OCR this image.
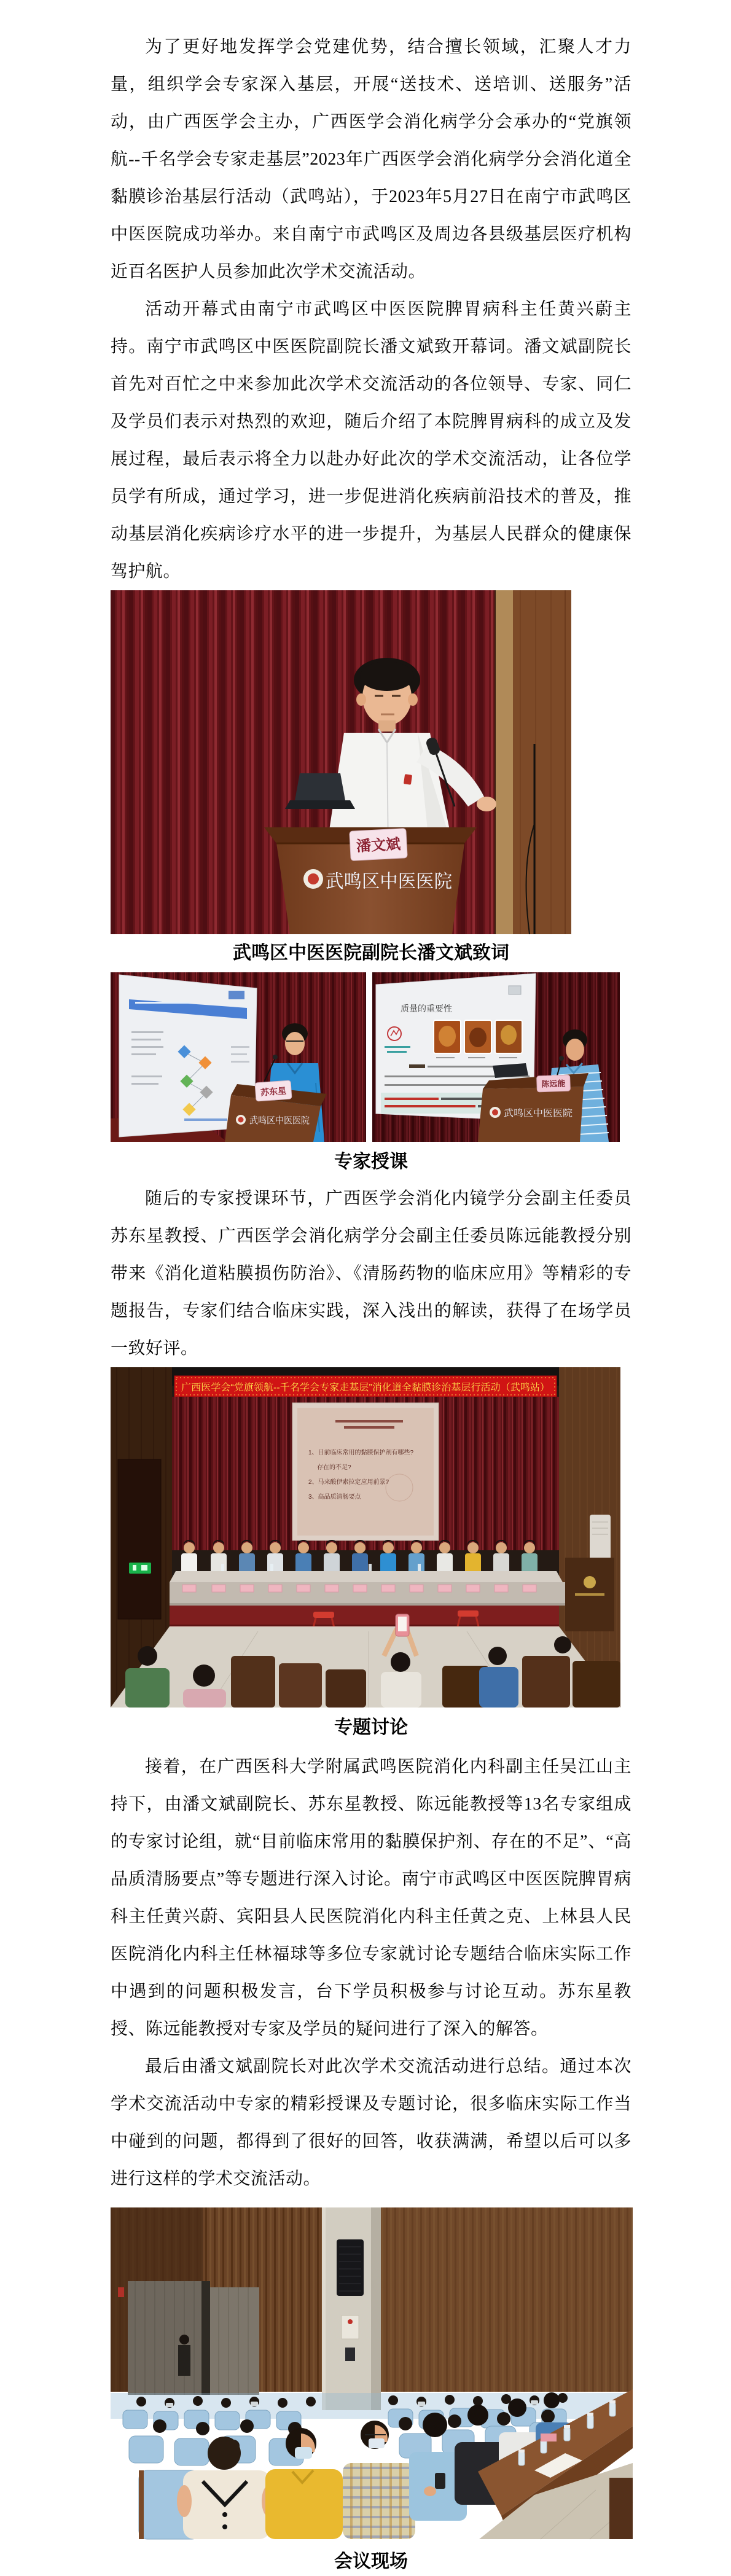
为了更好地发挥学会党建优势，结合擅长领域，汇聚人才力量，组织学会专家深入基层，开展“送技术、送培训、送服务”活动，由广西医学会主办，广西医学会消化病学分会承办的“党旗领航--千名学会专家走基层”2023年广西医学会消化病学分会消化道全黏膜诊治基层行活动（武鸣站），于2023年5月27日在南宁市武鸣区中医医院成功举办。来自南宁市武鸣区及周边各县级基层医疗机构近百名医护人员参加此次学术交流活动。

活动开幕式由南宁市武鸣区中医医院脾胃病科主任黄兴蔚主持。南宁市武鸣区中医医院副院长潘文斌致开幕词。潘文斌副院长首先对百忙之中来参加此次学术交流活动的各位领导、专家、同仁及学员们表示对热烈的欢迎，随后介绍了本院脾胃病科的成立及发展过程，最后表示将全力以赴办好此次的学术交流活动，让各位学员学有所成，通过学习，进一步促进消化疾病前沿技术的普及，推动基层消化疾病诊疗水平的进一步提升，为基层人民群众的健康保驾护航。

武鸣区中医医院
潘文斌
武鸣区中医医院副院长潘文斌致词
武鸣区中医医院
苏东星
质量的重要性
武鸣区中医医院
陈远能
专家授课

随后的专家授课环节，广西医学会消化内镜学分会副主任委员苏东星教授、广西医学会消化病学分会副主任委员陈远能教授分别带来《消化道粘膜损伤防治》、《清肠药物的临床应用》等精彩的专题报告，专家们结合临床实践，深入浅出的解读，获得了在场学员一致好评。

广西医学会“党旗领航--千名学会专家走基层”消化道全黏膜诊治基层行活动（武鸣站）
1、目前临床常用的黏膜保护剂有哪些?
存在的不足?
2、马来酸伊索拉定应用前景?
3、高品质清肠要点
专题讨论

接着，在广西医科大学附属武鸣医院消化内科副主任吴江山主持下，由潘文斌副院长、苏东星教授、陈远能教授等13名专家组成的专家讨论组，就“目前临床常用的黏膜保护剂、存在的不足”、“高品质清肠要点”等专题进行深入讨论。南宁市武鸣区中医医院脾胃病科主任黄兴蔚、宾阳县人民医院消化内科主任黄之克、上林县人民医院消化内科主任林福球等多位专家就讨论专题结合临床实际工作中遇到的问题积极发言，台下学员积极参与讨论互动。苏东星教授、陈远能教授对专家及学员的疑问进行了深入的解答。

最后由潘文斌副院长对此次学术交流活动进行总结。通过本次学术交流活动中专家的精彩授课及专题讨论，很多临床实际工作当中碰到的问题，都得到了很好的回答，收获满满，希望以后可以多进行这样的学术交流活动。

会议现场
